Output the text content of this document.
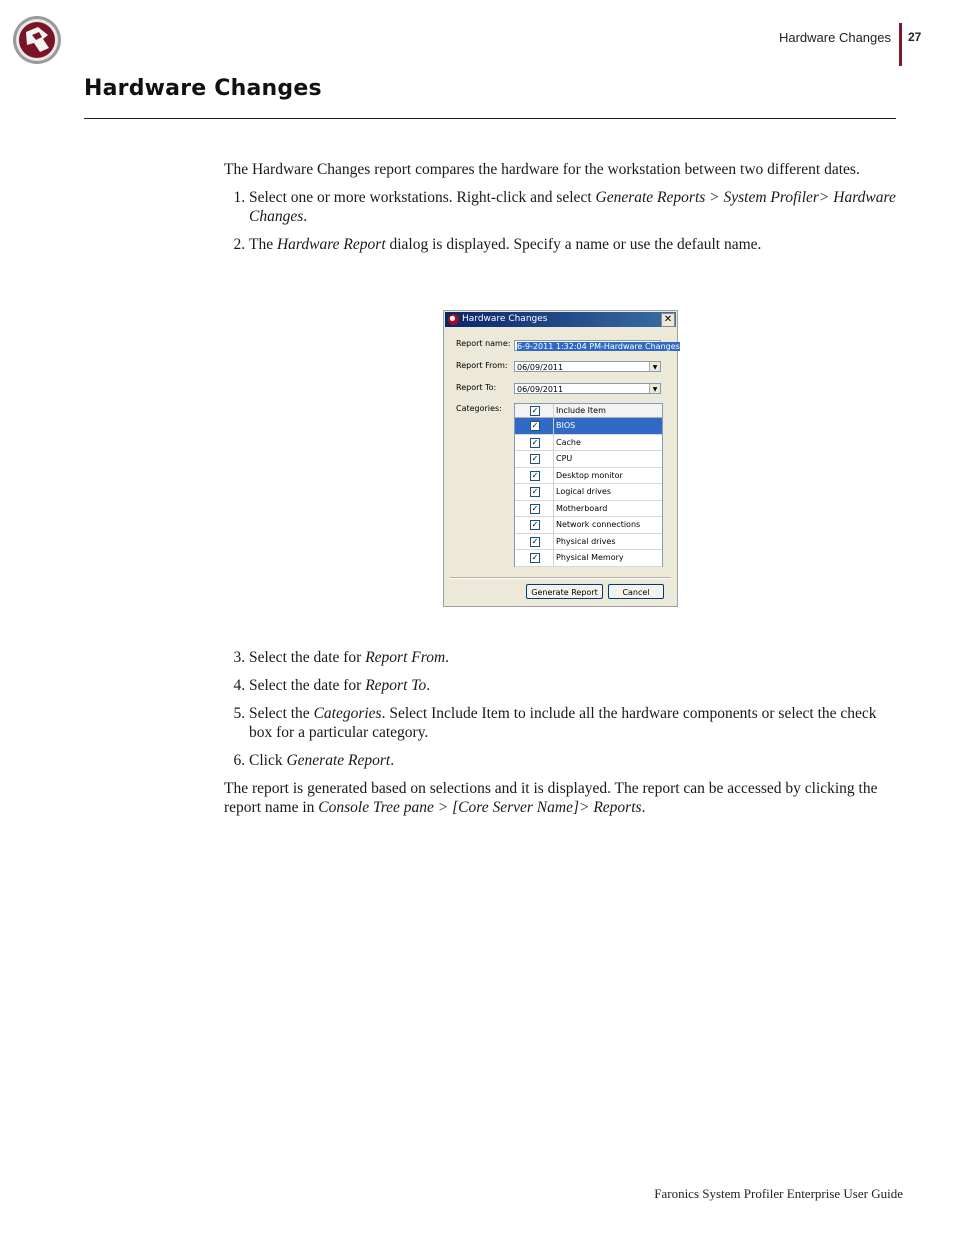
Hardware Changes 27
Hardware Changes

The Hardware Changes report compares the hardware for the workstation between two different dates.

1. Select one or more workstations. Right-click and select Generate Reports > System Profiler> Hardware Changes.
2. The Hardware Report dialog is displayed. Specify a name or use the default name.
Hardware Changes	✕
Report name: 6-9-2011 1:32:04 PM-Hardware Changes
Report From:	06/09/2011	▼
Report To:	06/09/2011	▼
Categories:	✓ Include Item
✓ BIOS
✓ Cache
✓ CPU
✓ Desktop monitor
✓ Logical drives
✓ Motherboard
✓ Network connections
✓ Physical drives
✓ Physical Memory
Generate Report	Cancel
3. Select the date for Report From.
4. Select the date for Report To.
5. Select the Categories. Select Include Item to include all the hardware components or select the check box for a particular category.
6. Click Generate Report.

The report is generated based on selections and it is displayed. The report can be accessed by clicking the report name in Console Tree pane > [Core Server Name]> Reports.

Faronics System Profiler Enterprise User Guide
